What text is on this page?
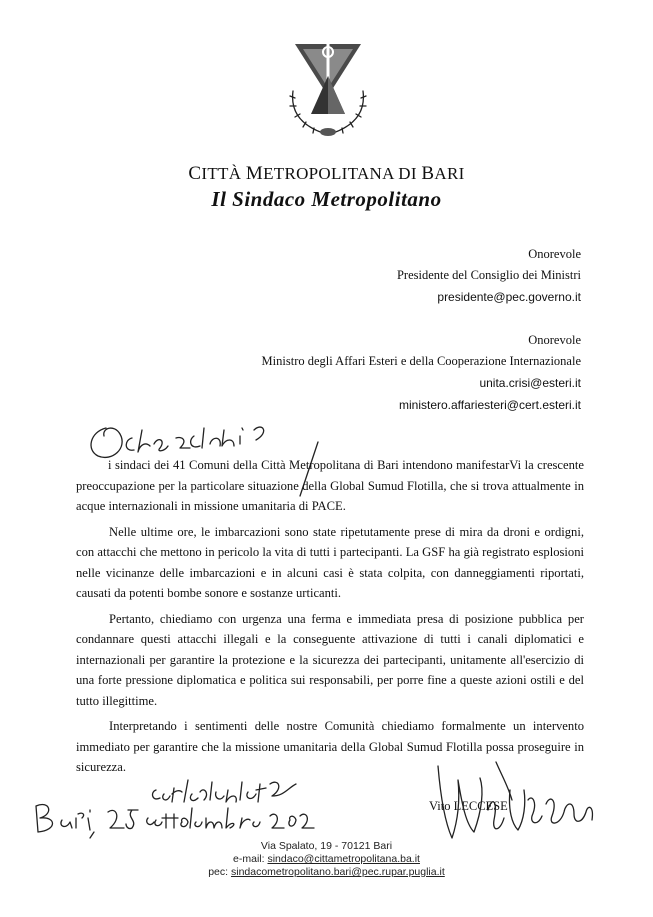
CITTÀ METROPOLITANA DI BARI
Il Sindaco Metropolitano
Onorevole
Presidente del Consiglio dei Ministri
presidente@pec.governo.it
Onorevole
Ministro degli Affari Esteri e della Cooperazione Internazionale
unita.crisi@esteri.it
ministero.affariesteri@cert.esteri.it
Carissimi	i sindaci dei 41 Comuni della Città Metropolitana di Bari intendono manifestarVi la crescente preoccupazione per la particolare situazione della Global Sumud Flotilla, che si trova attualmente in acque internazionali in missione umanitaria di PACE.

Nelle ultime ore, le imbarcazioni sono state ripetutamente prese di mira da droni e ordigni, con attacchi che mettono in pericolo la vita di tutti i partecipanti. La GSF ha già registrato esplosioni nelle vicinanze delle imbarcazioni e in alcuni casi è stata colpita, con danneggiamenti riportati, causati da potenti bombe sonore e sostanze urticanti.

Pertanto, chiediamo con urgenza una ferma e immediata presa di posizione pubblica per condannare questi attacchi illegali e la conseguente attivazione di tutti i canali diplomatici e internazionali per garantire la protezione e la sicurezza dei partecipanti, unitamente all'esercizio di una forte pressione diplomatica e politica sui responsabili, per porre fine a queste azioni ostili e del tutto illegittime.

Interpretando i sentimenti delle nostre Comunità chiediamo formalmente un intervento immediato per garantire che la missione umanitaria della Global Sumud Flotilla possa proseguire in sicurezza.

Vito LECCESE
Via Spalato, 19 - 70121 Bari
e-mail: sindaco@cittametropolitana.ba.it
pec: sindacometropolitano.bari@pec.rupar.puglia.it
